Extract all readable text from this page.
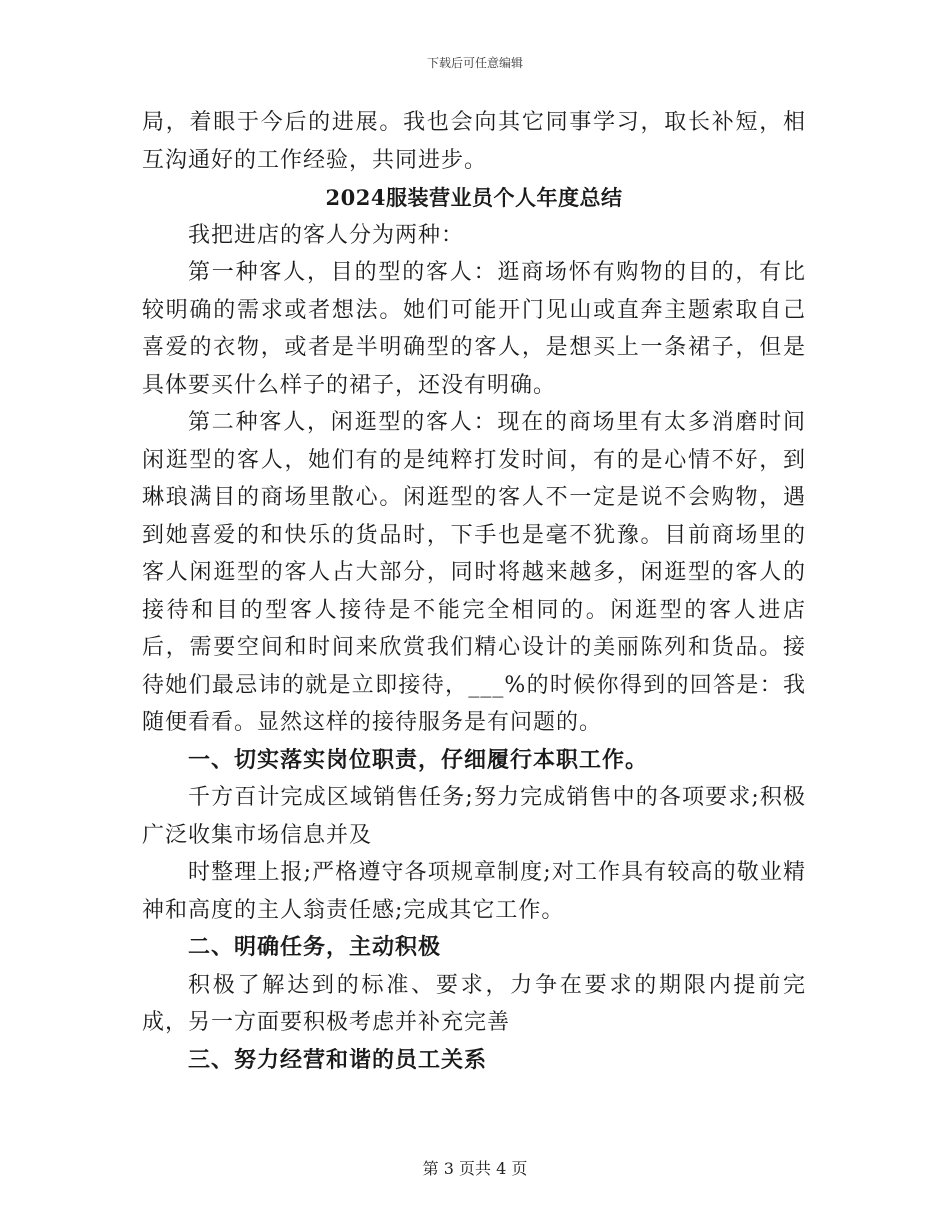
下载后可任意编辑

局，着眼于今后的进展。我也会向其它同事学习，取长补短，相互沟通好的工作经验，共同进步。

2024服装营业员个人年度总结

我把进店的客人分为两种：

第一种客人，目的型的客人：逛商场怀有购物的目的，有比较明确的需求或者想法。她们可能开门见山或直奔主题索取自己喜爱的衣物，或者是半明确型的客人，是想买上一条裙子，但是具体要买什么样子的裙子，还没有明确。

第二种客人，闲逛型的客人：现在的商场里有太多消磨时间闲逛型的客人，她们有的是纯粹打发时间，有的是心情不好，到琳琅满目的商场里散心。闲逛型的客人不一定是说不会购物，遇到她喜爱的和快乐的货品时，下手也是毫不犹豫。目前商场里的客人闲逛型的客人占大部分，同时将越来越多，闲逛型的客人的接待和目的型客人接待是不能完全相同的。闲逛型的客人进店后，需要空间和时间来欣赏我们精心设计的美丽陈列和货品。接待她们最忌讳的就是立即接待，___%的时候你得到的回答是：我随便看看。显然这样的接待服务是有问题的。

一、切实落实岗位职责，仔细履行本职工作。

千方百计完成区域销售任务;努力完成销售中的各项要求;积极广泛收集市场信息并及

时整理上报;严格遵守各项规章制度;对工作具有较高的敬业精神和高度的主人翁责任感;完成其它工作。

二、明确任务，主动积极

积极了解达到的标准、要求，力争在要求的期限内提前完成，另一方面要积极考虑并补充完善

三、努力经营和谐的员工关系

第 3 页共 4 页
